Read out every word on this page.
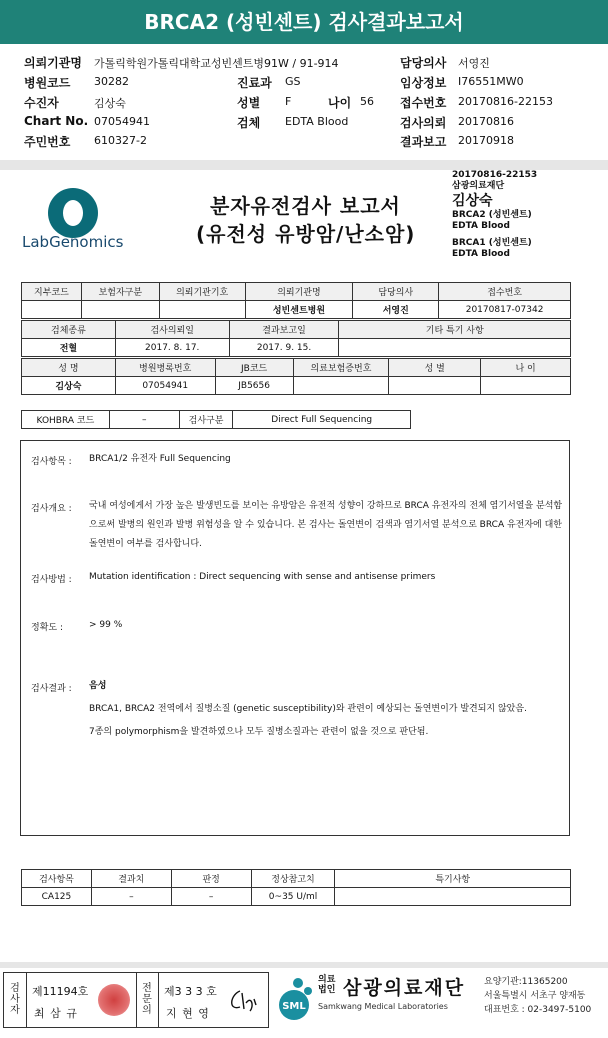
BRCA2 (성빈센트) 검사결과보고서
의뢰기관명 가톨릭학원가톨릭대학교성빈센트병91W / 91-914
병원코드 30282
수진자	김상숙
Chart No. 07054941
주민번호 610327-2
진료과 GS
성별 F	나이 56
검체 EDTA Blood
담당의사 서영진
임상정보 I76551MW0
접수번호 20170816-22153
검사의뢰 20170816
결과보고 20170918
LabGenomics
분자유전검사 보고서
(유전성 유방암/난소암)
20170816-22153
삼광의료재단
김상숙
BRCA2 (성빈센트)
EDTA Blood
BRCA1 (성빈센트)
EDTA Blood
지부코드	보험자구분	의뢰기관기호	의뢰기관명	담당의사	접수번호
			성빈센트병원	서영진	20170817-07342
검체종류	검사의뢰일	결과보고일	기타 특기 사항
전혈	2017. 8. 17.	2017. 9. 15.	
성 명	병원병록번호	JB코드	의료보험증번호	성 별	나 이
김상숙	07054941	JB5656			
KOHBRA 코드	–	검사구분	Direct Full Sequencing
검사항목 : BRCA1/2 유전자 Full Sequencing
검사개요 : 국내 여성에게서 가장 높은 발생빈도를 보이는 유방암은 유전적 성향이 강하므로 BRCA 유전자의 전체 염기서열을 분석함으로써 발병의 원인과 발병 위험성을 알 수 있습니다. 본 검사는 돌연변이 검색과 염기서열 분석으로 BRCA 유전자에 대한 돌연변이 여부를 검사합니다.
검사방법 : Mutation identification : Direct sequencing with sense and antisense primers
정확도 :	> 99 %
검사결과 : 음성
BRCA1, BRCA2 전역에서 질병소질 (genetic susceptibility)와 관련이 예상되는 돌연변이가 발견되지 않았음.
7종의 polymorphism을 발견하였으나 모두 질병소질과는 관련이 없을 것으로 판단됨.
검사항목	결과치	판정	정상참고치	특기사항
CA125	–	–	0~35 U/ml	
검사자
제11194호
최 삼 규
전문의
제3 3 3 호
지 현 영
SML
의료
법인 삼광의료재단
Samkwang Medical Laboratories
요양기관:11365200
서울특별시 서초구 양재동
대표번호 : 02-3497-5100
